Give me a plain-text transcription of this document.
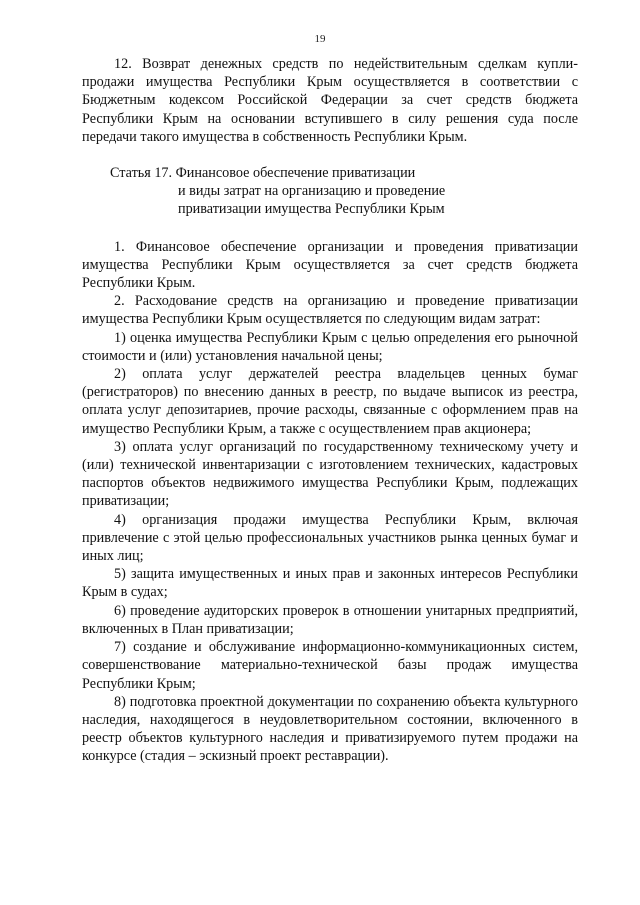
19

12. Возврат денежных средств по недействительным сделкам купли-продажи имущества Республики Крым осуществляется в соответствии с Бюджетным кодексом Российской Федерации за счет средств бюджета Республики Крым на основании вступившего в силу решения суда после передачи такого имущества в собственность Республики Крым.

Статья 17. Финансовое обеспечение приватизации
и виды затрат на организацию и проведение
приватизации имущества Республики Крым

1. Финансовое обеспечение организации и проведения приватизации имущества Республики Крым осуществляется за счет средств бюджета Республики Крым.

2. Расходование средств на организацию и проведение приватизации имущества Республики Крым осуществляется по следующим видам затрат:

1) оценка имущества Республики Крым с целью определения его рыночной стоимости и (или) установления начальной цены;

2) оплата услуг держателей реестра владельцев ценных бумаг (регистраторов) по внесению данных в реестр, по выдаче выписок из реестра, оплата услуг депозитариев, прочие расходы, связанные с оформлением прав на имущество Республики Крым, а также с осуществлением прав акционера;

3) оплата услуг организаций по государственному техническому учету и (или) технической инвентаризации с изготовлением технических, кадастровых паспортов объектов недвижимого имущества Республики Крым, подлежащих приватизации;

4) организация продажи имущества Республики Крым, включая привлечение с этой целью профессиональных участников рынка ценных бумаг и иных лиц;

5) защита имущественных и иных прав и законных интересов Республики Крым в судах;

6) проведение аудиторских проверок в отношении унитарных предприятий, включенных в План приватизации;

7) создание и обслуживание информационно-коммуникационных систем, совершенствование материально-технической базы продаж имущества Республики Крым;

8) подготовка проектной документации по сохранению объекта культурного наследия, находящегося в неудовлетворительном состоянии, включенного в реестр объектов культурного наследия и приватизируемого путем продажи на конкурсе (стадия – эскизный проект реставрации).
